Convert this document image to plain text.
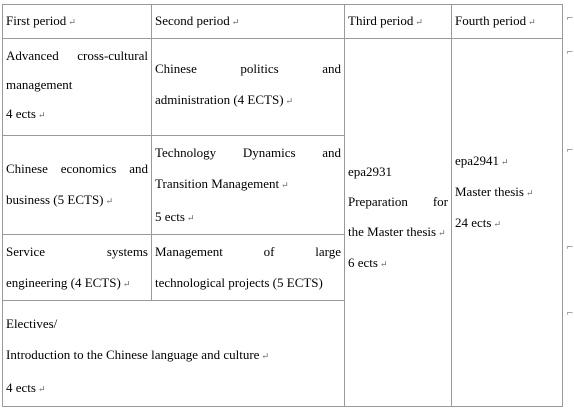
First period ↵	Second period ↵	Third period ↵	Fourth period ↵

Advanced cross-cultural management
4 ects ↵	Chinese politics and
administration (4 ECTS) ↵	epa2931
Preparation for
the Master thesis ↵
6 ects ↵	epa2941 ↵
Master thesis ↵
24 ects ↵

Chinese economics and
business (5 ECTS) ↵	Technology Dynamics and
Transition Management ↵
5 ects ↵		

Service systems
engineering (4 ECTS) ↵	Management of large
technological projects (5 ECTS)		

Electives/
Introduction to the Chinese language and culture ↵
4 ects ↵			
⌐
⌐
⌐
⌐
⌐
